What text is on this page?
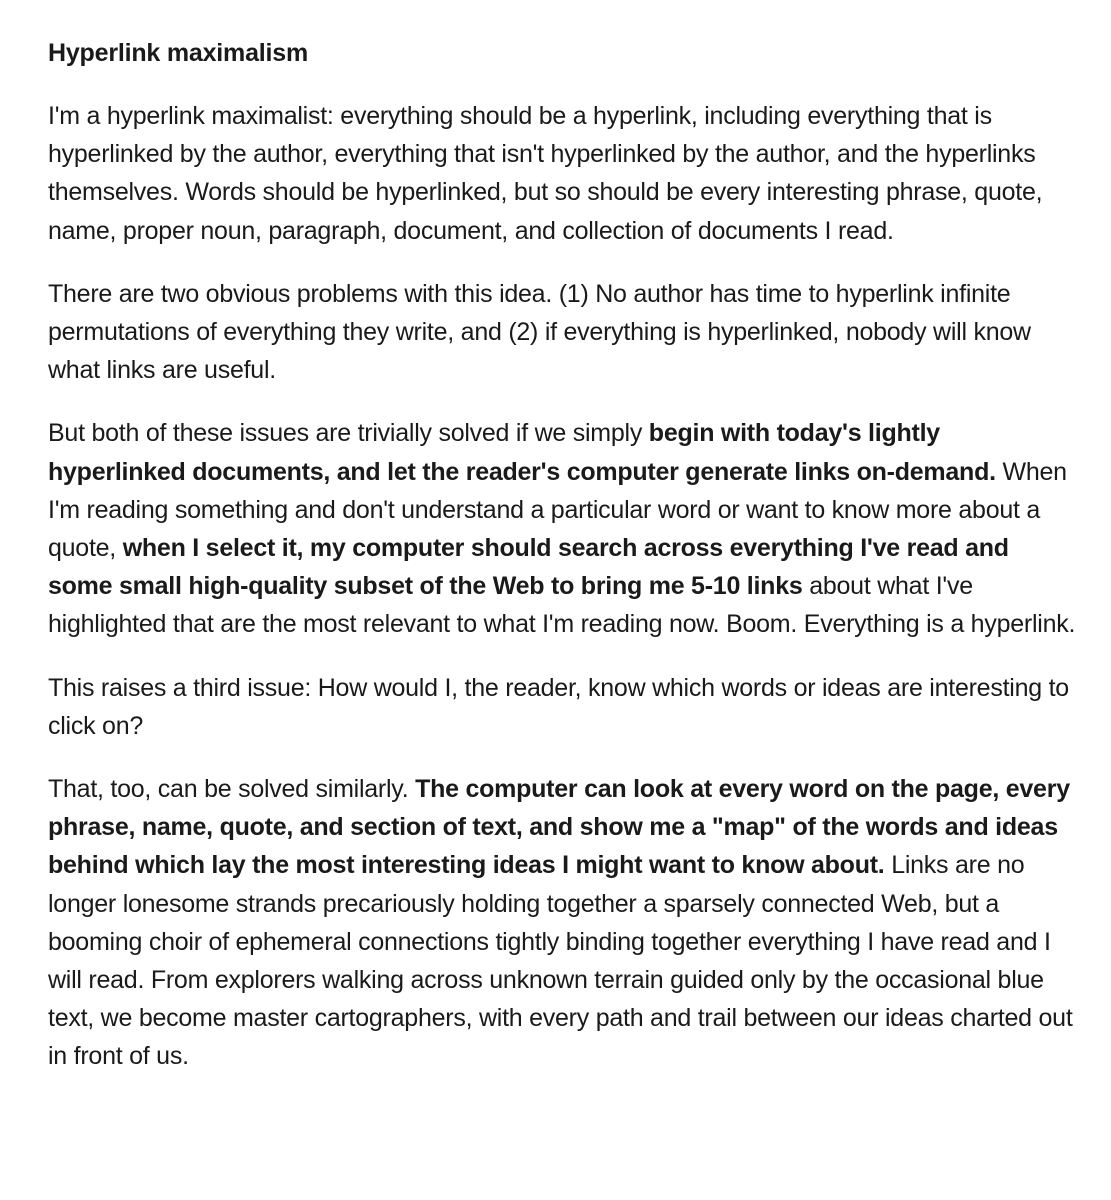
Hyperlink maximalism

I'm a hyperlink maximalist: everything should be a hyperlink, including everything that is hyperlinked by the author, everything that isn't hyperlinked by the author, and the hyperlinks themselves. Words should be hyperlinked, but so should be every interesting phrase, quote, name, proper noun, paragraph, document, and collection of documents I read.

There are two obvious problems with this idea. (1) No author has time to hyperlink infinite permutations of everything they write, and (2) if everything is hyperlinked, nobody will know what links are useful.

But both of these issues are trivially solved if we simply begin with today's lightly hyperlinked documents, and let the reader's computer generate links on-demand. When I'm reading something and don't understand a particular word or want to know more about a quote, when I select it, my computer should search across everything I've read and some small high-quality subset of the Web to bring me 5-10 links about what I've highlighted that are the most relevant to what I'm reading now. Boom. Everything is a hyperlink.

This raises a third issue: How would I, the reader, know which words or ideas are interesting to click on?

That, too, can be solved similarly. The computer can look at every word on the page, every phrase, name, quote, and section of text, and show me a "map" of the words and ideas behind which lay the most interesting ideas I might want to know about. Links are no longer lonesome strands precariously holding together a sparsely connected Web, but a booming choir of ephemeral connections tightly binding together everything I have read and I will read. From explorers walking across unknown terrain guided only by the occasional blue text, we become master cartographers, with every path and trail between our ideas charted out in front of us.
